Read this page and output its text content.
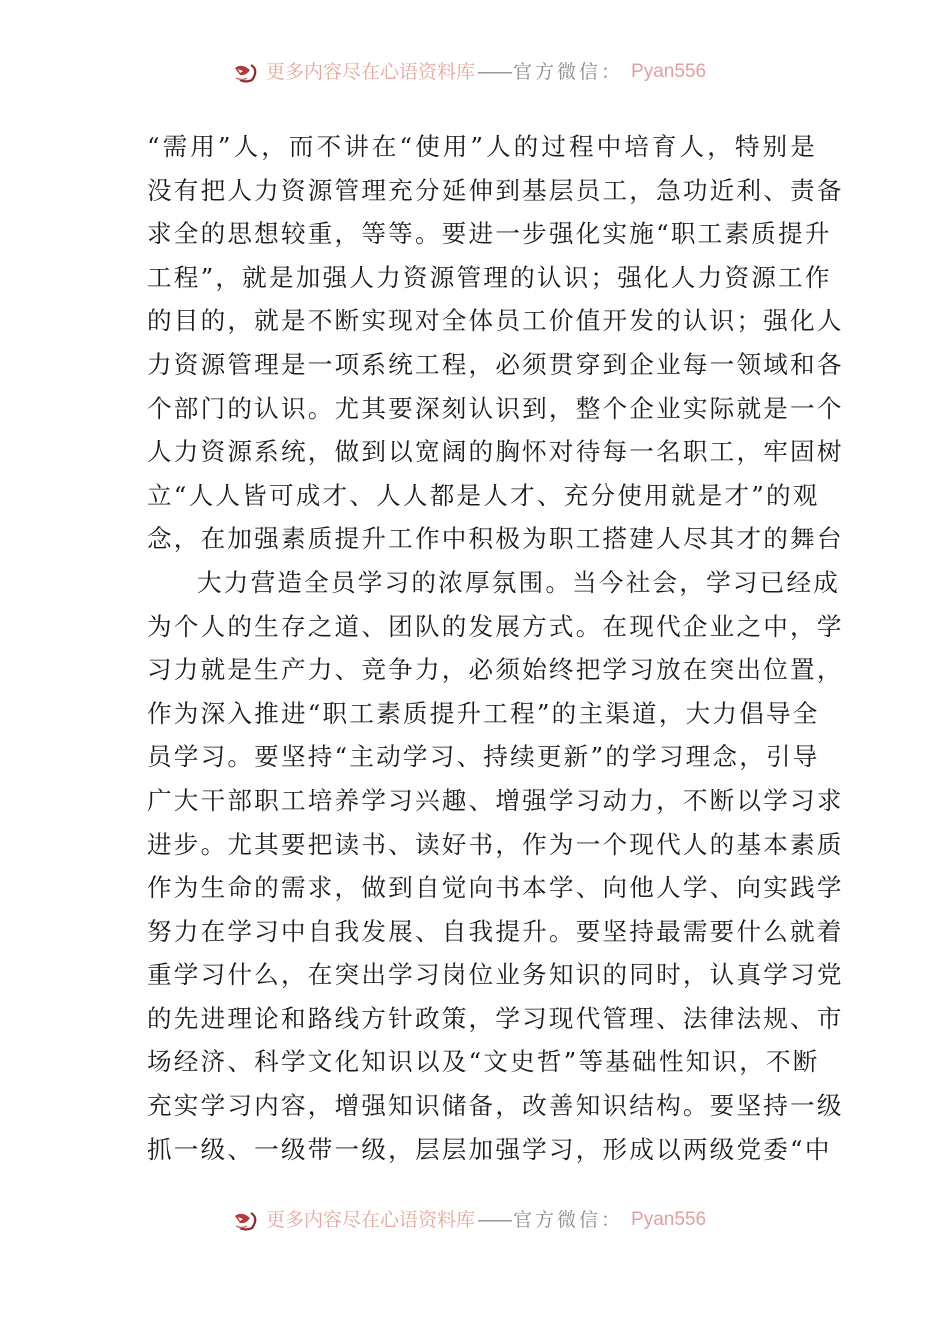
更多内容尽在心语资料库 —— 官方微信： Pyan556
“需用”人，而不讲在“使用”人的过程中培育人，特别是
没有把人力资源管理充分延伸到基层员工，急功近利、责备
求全的思想较重，等等。要进一步强化实施“职工素质提升
工程”，就是加强人力资源管理的认识；强化人力资源工作
的目的，就是不断实现对全体员工价值开发的认识；强化人
力资源管理是一项系统工程，必须贯穿到企业每一领域和各
个部门的认识。尤其要深刻认识到，整个企业实际就是一个
人力资源系统，做到以宽阔的胸怀对待每一名职工，牢固树
立“人人皆可成才、人人都是人才、充分使用就是才”的观
念，在加强素质提升工作中积极为职工搭建人尽其才的舞台
大力营造全员学习的浓厚氛围。当今社会，学习已经成
为个人的生存之道、团队的发展方式。在现代企业之中，学
习力就是生产力、竞争力，必须始终把学习放在突出位置，
作为深入推进“职工素质提升工程”的主渠道，大力倡导全
员学习。要坚持“主动学习、持续更新”的学习理念，引导
广大干部职工培养学习兴趣、增强学习动力，不断以学习求
进步。尤其要把读书、读好书，作为一个现代人的基本素质
作为生命的需求，做到自觉向书本学、向他人学、向实践学
努力在学习中自我发展、自我提升。要坚持最需要什么就着
重学习什么，在突出学习岗位业务知识的同时，认真学习党
的先进理论和路线方针政策，学习现代管理、法律法规、市
场经济、科学文化知识以及“文史哲”等基础性知识，不断
充实学习内容，增强知识储备，改善知识结构。要坚持一级
抓一级、一级带一级，层层加强学习，形成以两级党委“中
更多内容尽在心语资料库 —— 官方微信： Pyan556
